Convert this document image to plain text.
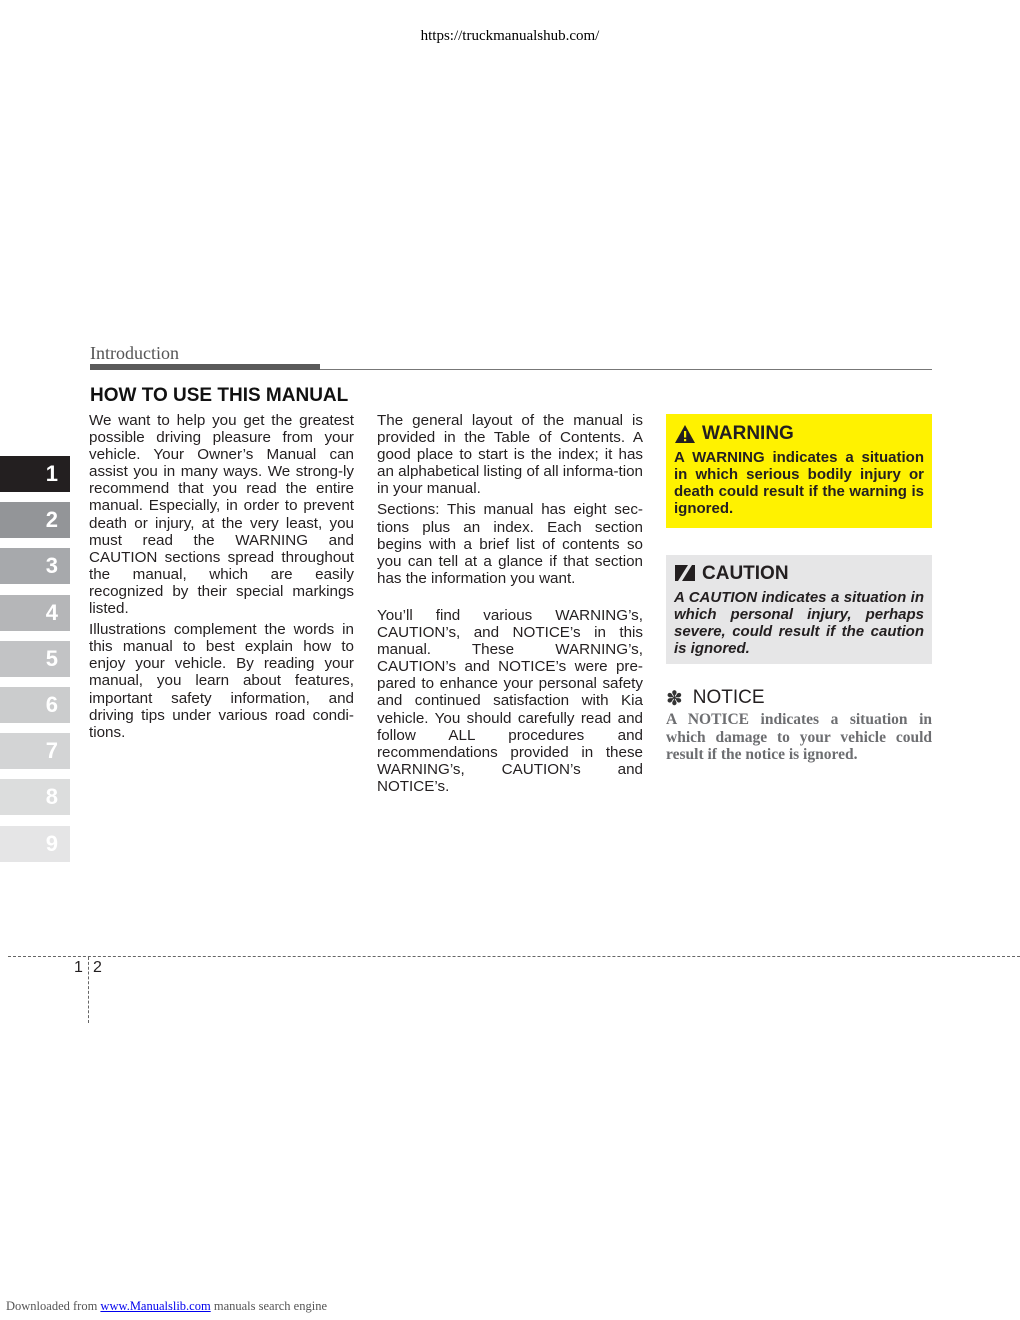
https://truckmanualshub.com/
Introduction
HOW TO USE THIS MANUAL

We want to help you get the greatest possible driving pleasure from your vehicle. Your Owner’s Manual can assist you in many ways. We strong-ly recommend that you read the entire manual. Especially, in order to prevent death or injury, at the very least, you must read the WARNING and CAUTION sections spread throughout the manual, which are easily recognized by their special markings listed.

Illustrations complement the words in this manual to best explain how to enjoy your vehicle. By reading your manual, you learn about features, important safety information, and driving tips under various road condi-tions.

The general layout of the manual is provided in the Table of Contents. A good place to start is the index; it has an alphabetical listing of all informa-tion in your manual.

Sections: This manual has eight sec-tions plus an index. Each section begins with a brief list of contents so you can tell at a glance if that section has the information you want.

You’ll find various WARNING’s, CAUTION’s, and NOTICE’s in this manual. These WARNING’s, CAUTION’s and NOTICE’s were pre-pared to enhance your personal safety and continued satisfaction with Kia vehicle. You should carefully read and follow ALL procedures and recommendations provided in these WARNING’s, CAUTION’s and NOTICE’s.

WARNING
A WARNING indicates a situation in which serious bodily injury or death could result if the warning is ignored.
CAUTION
A CAUTION indicates a situation in which personal injury, perhaps severe, could result if the caution is ignored.
✽ NOTICE
A NOTICE indicates a situation in which damage to your vehicle could result if the notice is ignored.
1
2
3
4
5
6
7
8
9
1 2
Downloaded from www.Manualslib.com manuals search engine
